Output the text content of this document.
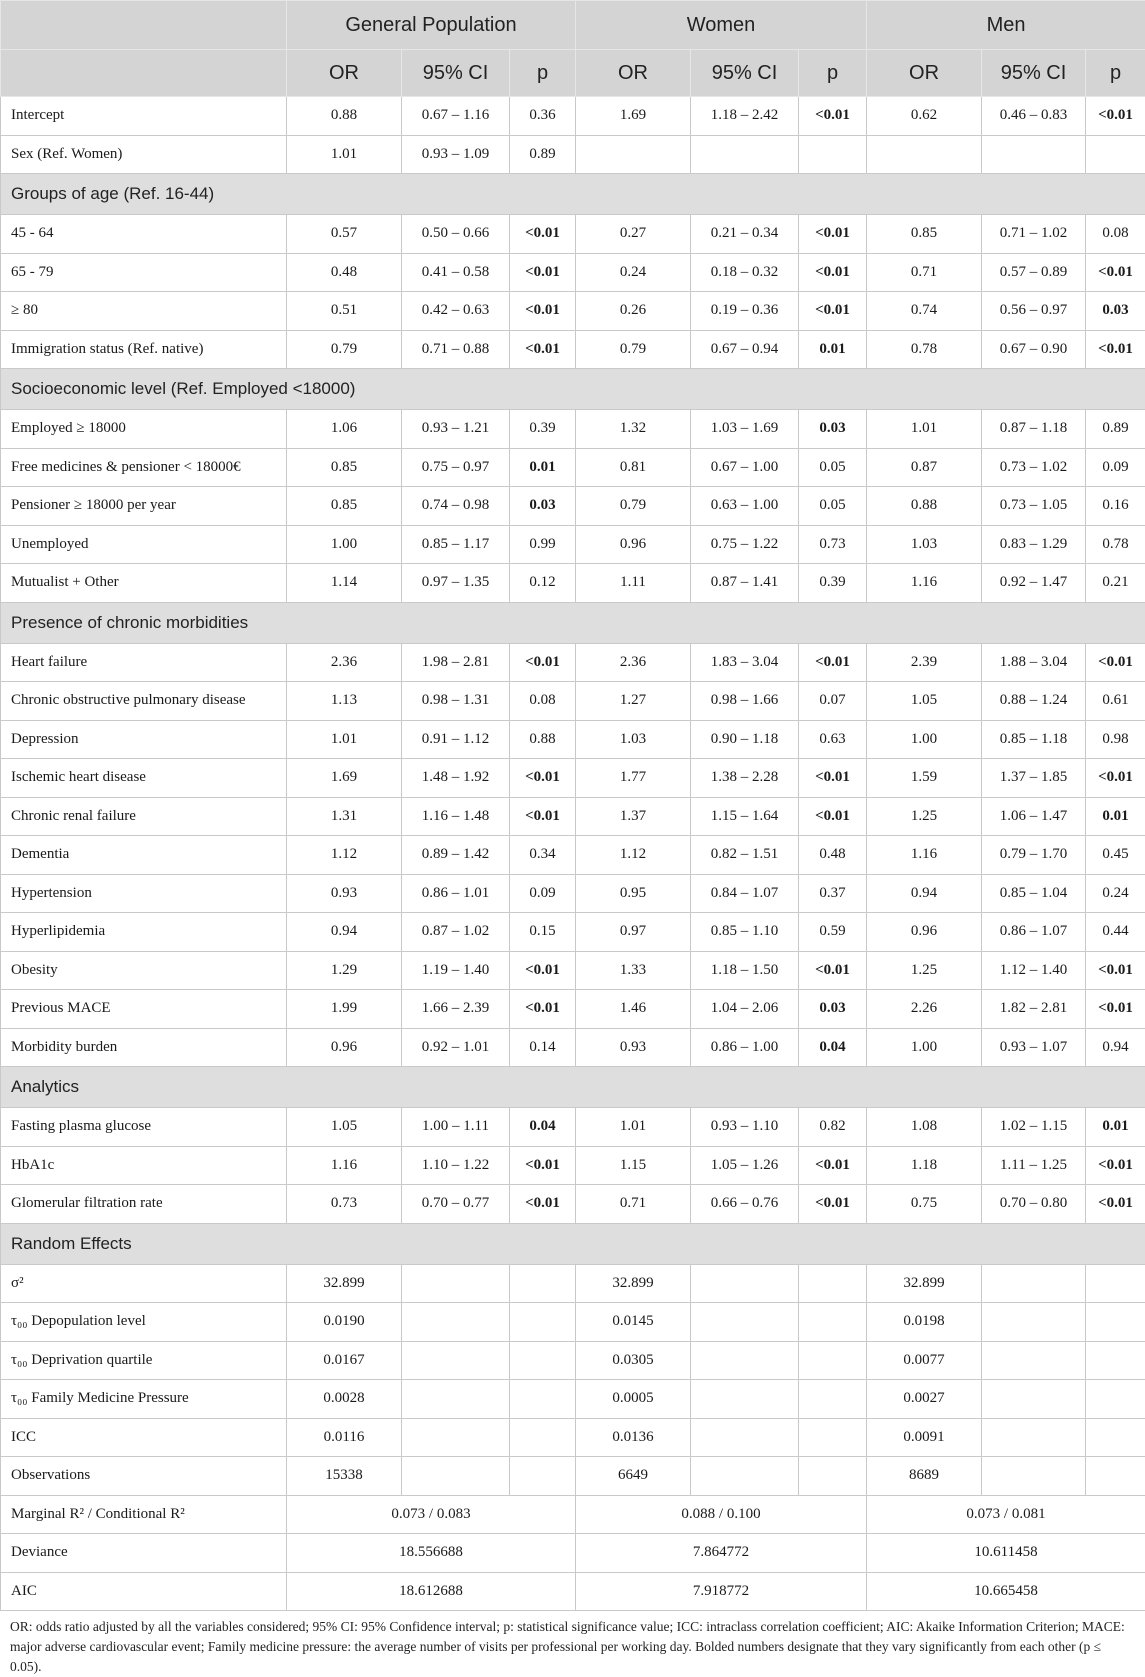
	General Population			Women			Men		
	OR	95% CI	p	OR	95% CI	p	OR	95% CI	p
Intercept	0.88	0.67 – 1.16	0.36	1.69	1.18 – 2.42	<0.01	0.62	0.46 – 0.83	<0.01
Sex (Ref. Women)	1.01	0.93 – 1.09	0.89						
Groups of age (Ref. 16-44)									
45 - 64	0.57	0.50 – 0.66	<0.01	0.27	0.21 – 0.34	<0.01	0.85	0.71 – 1.02	0.08
65 - 79	0.48	0.41 – 0.58	<0.01	0.24	0.18 – 0.32	<0.01	0.71	0.57 – 0.89	<0.01
≥ 80	0.51	0.42 – 0.63	<0.01	0.26	0.19 – 0.36	<0.01	0.74	0.56 – 0.97	0.03
Immigration status (Ref. native)	0.79	0.71 – 0.88	<0.01	0.79	0.67 – 0.94	0.01	0.78	0.67 – 0.90	<0.01
Socioeconomic level (Ref. Employed <18000)									
Employed ≥ 18000	1.06	0.93 – 1.21	0.39	1.32	1.03 – 1.69	0.03	1.01	0.87 – 1.18	0.89
Free medicines & pensioner < 18000€	0.85	0.75 – 0.97	0.01	0.81	0.67 – 1.00	0.05	0.87	0.73 – 1.02	0.09
Pensioner ≥ 18000 per year	0.85	0.74 – 0.98	0.03	0.79	0.63 – 1.00	0.05	0.88	0.73 – 1.05	0.16
Unemployed	1.00	0.85 – 1.17	0.99	0.96	0.75 – 1.22	0.73	1.03	0.83 – 1.29	0.78
Mutualist + Other	1.14	0.97 – 1.35	0.12	1.11	0.87 – 1.41	0.39	1.16	0.92 – 1.47	0.21
Presence of chronic morbidities									
Heart failure	2.36	1.98 – 2.81	<0.01	2.36	1.83 – 3.04	<0.01	2.39	1.88 – 3.04	<0.01
Chronic obstructive pulmonary disease	1.13	0.98 – 1.31	0.08	1.27	0.98 – 1.66	0.07	1.05	0.88 – 1.24	0.61
Depression	1.01	0.91 – 1.12	0.88	1.03	0.90 – 1.18	0.63	1.00	0.85 – 1.18	0.98
Ischemic heart disease	1.69	1.48 – 1.92	<0.01	1.77	1.38 – 2.28	<0.01	1.59	1.37 – 1.85	<0.01
Chronic renal failure	1.31	1.16 – 1.48	<0.01	1.37	1.15 – 1.64	<0.01	1.25	1.06 – 1.47	0.01
Dementia	1.12	0.89 – 1.42	0.34	1.12	0.82 – 1.51	0.48	1.16	0.79 – 1.70	0.45
Hypertension	0.93	0.86 – 1.01	0.09	0.95	0.84 – 1.07	0.37	0.94	0.85 – 1.04	0.24
Hyperlipidemia	0.94	0.87 – 1.02	0.15	0.97	0.85 – 1.10	0.59	0.96	0.86 – 1.07	0.44
Obesity	1.29	1.19 – 1.40	<0.01	1.33	1.18 – 1.50	<0.01	1.25	1.12 – 1.40	<0.01
Previous MACE	1.99	1.66 – 2.39	<0.01	1.46	1.04 – 2.06	0.03	2.26	1.82 – 2.81	<0.01
Morbidity burden	0.96	0.92 – 1.01	0.14	0.93	0.86 – 1.00	0.04	1.00	0.93 – 1.07	0.94
Analytics									
Fasting plasma glucose	1.05	1.00 – 1.11	0.04	1.01	0.93 – 1.10	0.82	1.08	1.02 – 1.15	0.01
HbA1c	1.16	1.10 – 1.22	<0.01	1.15	1.05 – 1.26	<0.01	1.18	1.11 – 1.25	<0.01
Glomerular filtration rate	0.73	0.70 – 0.77	<0.01	0.71	0.66 – 0.76	<0.01	0.75	0.70 – 0.80	<0.01
Random Effects									
σ²	32.899			32.899			32.899		
τ₀₀ Depopulation level	0.0190			0.0145			0.0198		
τ₀₀ Deprivation quartile	0.0167			0.0305			0.0077		
τ₀₀ Family Medicine Pressure	0.0028			0.0005			0.0027		
ICC	0.0116			0.0136			0.0091		
Observations	15338			6649			8689		
Marginal R² / Conditional R²	0.073 / 0.083			0.088 / 0.100			0.073 / 0.081		
Deviance	18.556688			7.864772			10.611458		
AIC	18.612688			7.918772			10.665458		
OR: odds ratio adjusted by all the variables considered; 95% CI: 95% Confidence interval; p: statistical significance value; ICC: intraclass correlation coefficient; AIC: Akaike Information Criterion; MACE: major adverse cardiovascular event; Family medicine pressure: the average number of visits per professional per working day. Bolded numbers designate that they vary significantly from each other (p ≤ 0.05).
